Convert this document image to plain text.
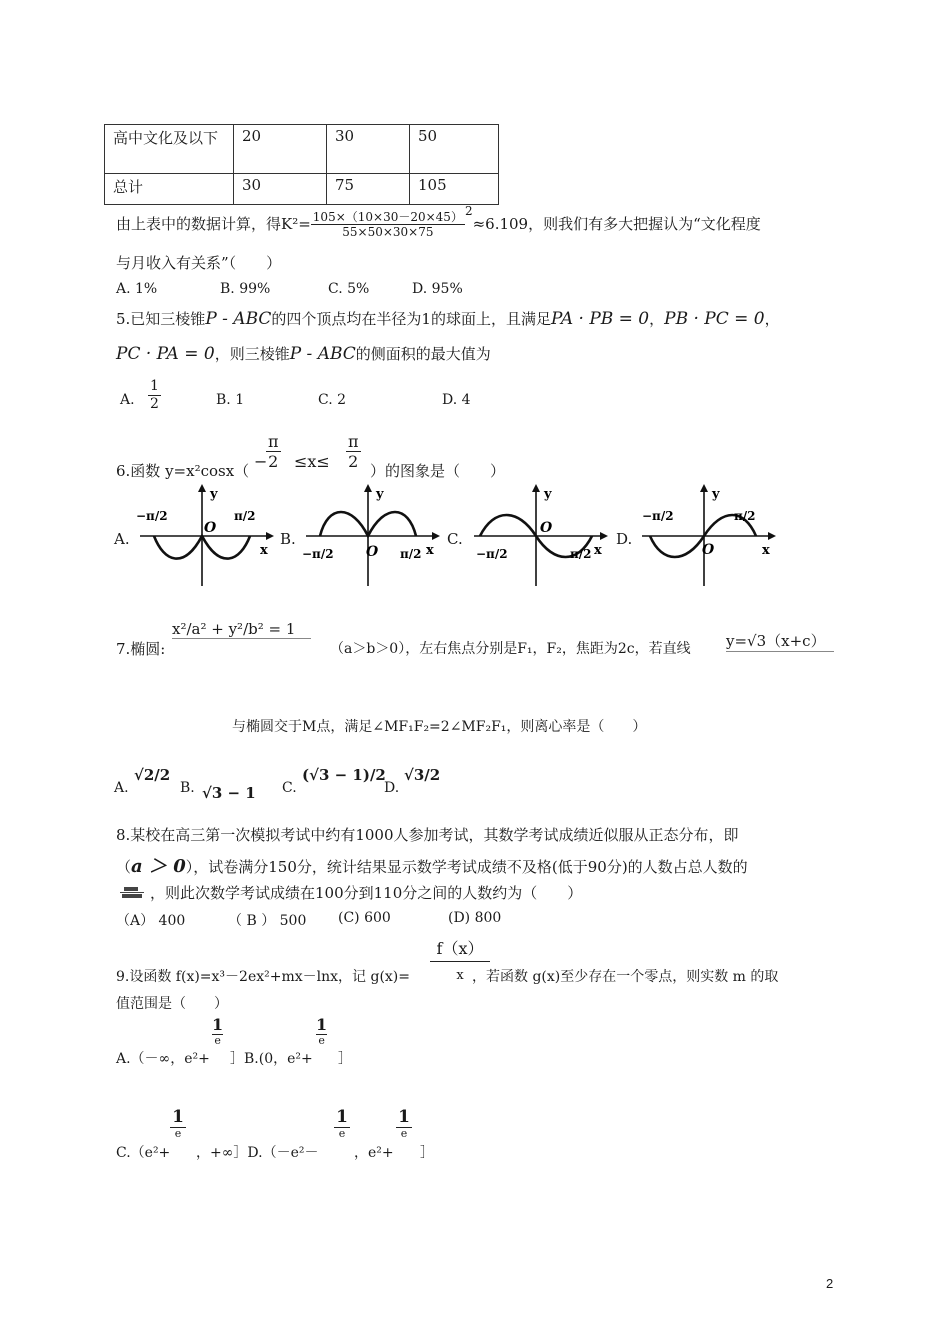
高中文化及以下	20	30	50
总计	30	75	105
由上表中的数据计算，得$K^2= \frac{105\times(10\times 30-20\times 45)}{55\times 50\times 30\times 75} ^2\approx 6.109$，则我们有多大把握认为“文化程度
与月收入有关系”（　　）
A. 1%	B. 99%	C. 5%	D. 95%
5.已知三棱锥P - ABC的四个顶点均在半径为1的球面上，且满足PA · PB = 0，PB · PC = 0，
PC · PA = 0，则三棱锥P - ABC的侧面积的最大值为
A. $\frac{1}{2}$	B. 1	C. 2	D. 4
6.函数 y=x²cosx（ −
$\frac{\pi}{2} \le x\le \frac{\pi}{2}$ ）的图象是（　　）
A.	B.	C.	D.
y
x
O
−π/2	π/2
y
x
O
−π/2	π/2
y
x
O
−π/2	π/2
y
x
O
−π/2	π/2
7.椭圆:
x²/a² + y²/b² = 1
（a＞b＞0），左右焦点分别是F₁，F₂，焦距为2c，若直线 y=√3（x+c）
与椭圆交于M点，满足∠MF₁F₂=2∠MF₂F₁，则离心率是（　　）
A.
√2/2
B. √3 − 1 C.
(√3 − 1)/2
D.
√3/2
8.某校在高三第一次模拟考试中约有1000人参加考试，其数学考试成绩近似服从正态分布，即
（a ＞ 0），试卷满分150分，统计结果显示数学考试成绩不及格(低于90分)的人数占总人数的
，则此次数学考试成绩在100分到110分之间的人数约为（　　）
（A） 400	（ B ） 500 (C) 600	(D) 800
f（x）
x
9.设函数 f(x)=x³－2ex²+mx－lnx，记 g(x)=	，若函数 g(x)至少存在一个零点，则实数 m 的取
值范围是（　　）
A.（－∞，e²+
1
e
］B.(0，e²+
1
e
］
C.（e²+
1
e
，+∞］D.（－e²－
1
e
，e²+
1
e
］
2
